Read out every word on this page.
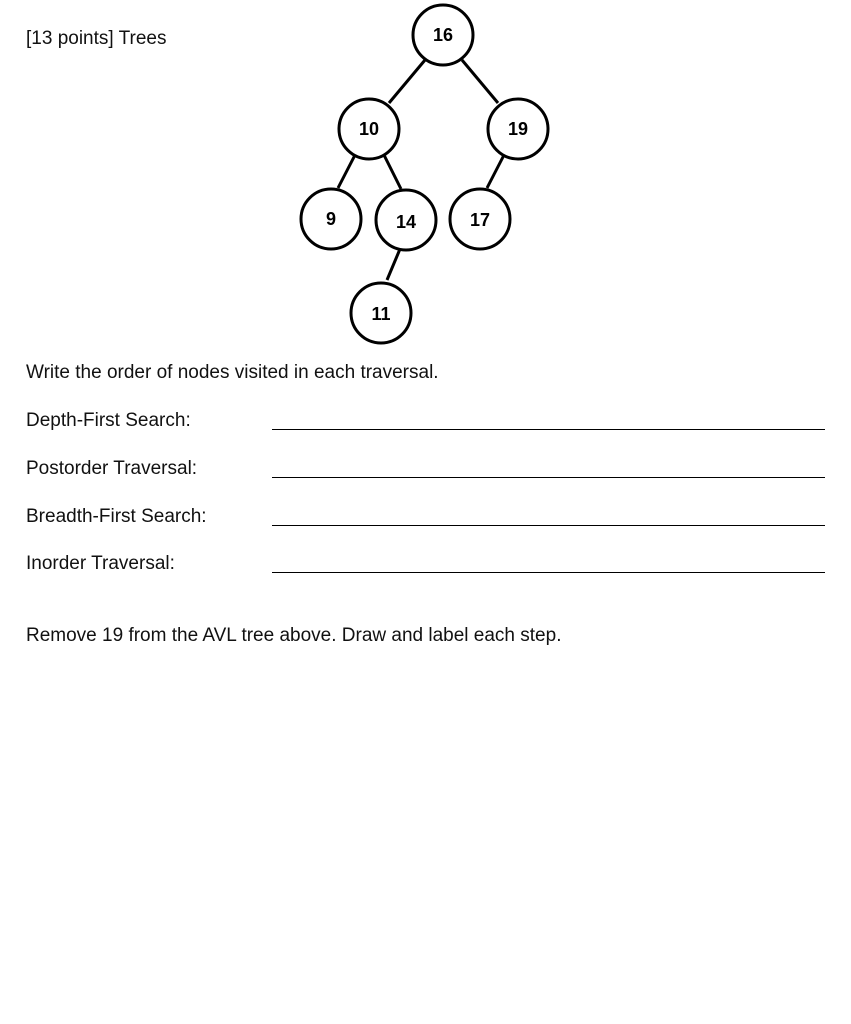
[13 points] Trees	16
10	19
9	14	17
11
Write the order of nodes visited in each traversal.
Depth-First Search:
Postorder Traversal:
Breadth-First Search:
Inorder Traversal:
Remove 19 from the AVL tree above. Draw and label each step.
